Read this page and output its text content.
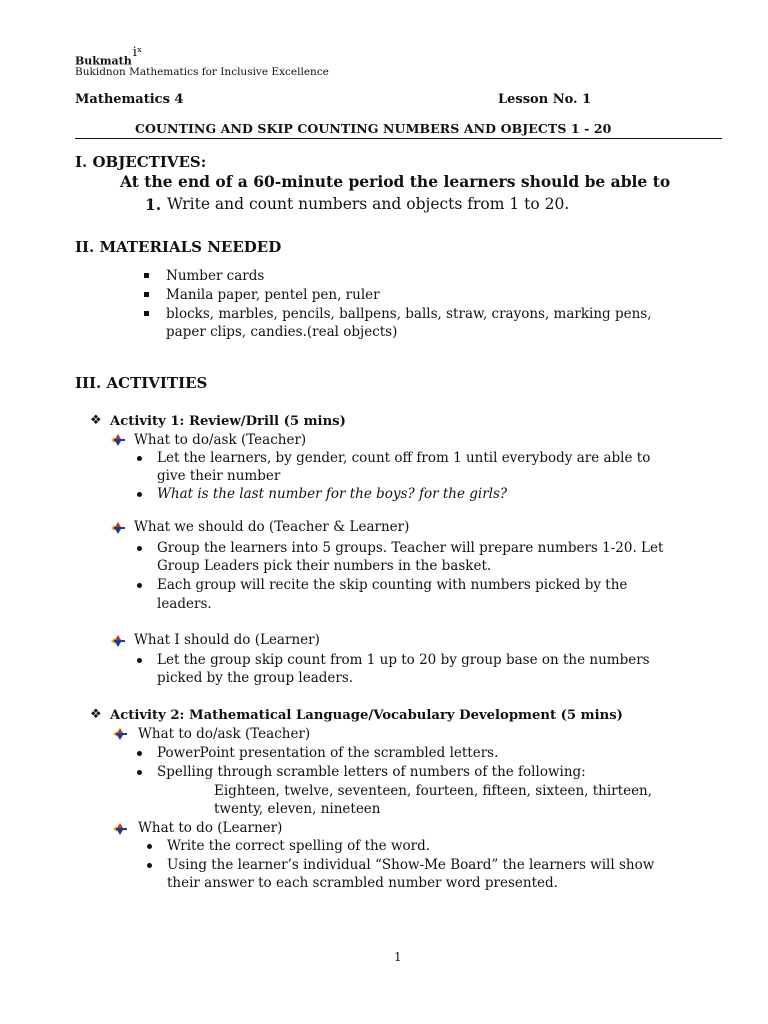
Bukmath$^{iˣ}$
Bukidnon Mathematics for Inclusive Excellence
Mathematics 4	Lesson No. 1
COUNTING AND SKIP COUNTING NUMBERS AND OBJECTS 1 - 20
I. OBJECTIVES:
At the end of a 60-minute period the learners should be able to
1. Write and count numbers and objects from 1 to 20.
II. MATERIALS NEEDED
Number cards
Manila paper, pentel pen, ruler
blocks, marbles, pencils, ballpens, balls, straw, crayons, marking pens,
paper clips, candies.(real objects)
III. ACTIVITIES
❖ Activity 1: Review/Drill (5 mins)
What to do/ask (Teacher)
Let the learners, by gender, count off from 1 until everybody are able to
give their number
What is the last number for the boys? for the girls?
What we should do (Teacher & Learner)
Group the learners into 5 groups. Teacher will prepare numbers 1-20. Let
Group Leaders pick their numbers in the basket.
Each group will recite the skip counting with numbers picked by the
leaders.
What I should do (Learner)
Let the group skip count from 1 up to 20 by group base on the numbers
picked by the group leaders.
❖ Activity 2: Mathematical Language/Vocabulary Development (5 mins)
What to do/ask (Teacher)
PowerPoint presentation of the scrambled letters.
Spelling through scramble letters of numbers of the following:
Eighteen, twelve, seventeen, fourteen, fifteen, sixteen, thirteen,
twenty, eleven, nineteen
What to do (Learner)
Write the correct spelling of the word.
Using the learner’s individual “Show-Me Board” the learners will show
their answer to each scrambled number word presented.
1
